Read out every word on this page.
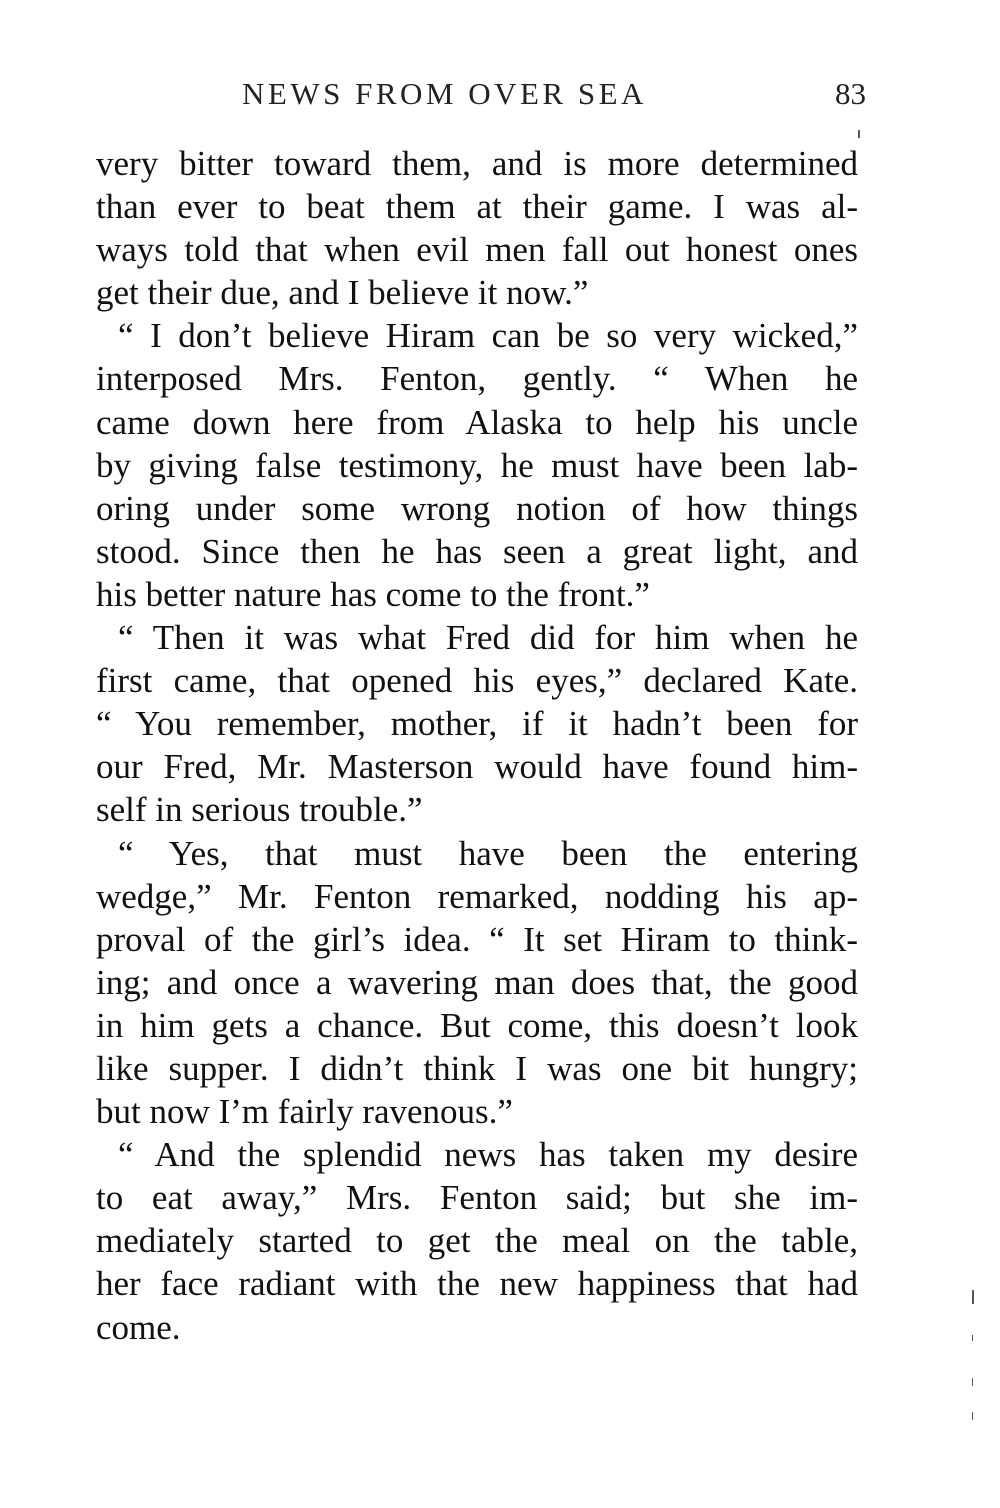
NEWS FROM OVER SEA	83
very bitter toward them, and is more determined
than ever to beat them at their game. I was al-
ways told that when evil men fall out honest ones
get their due, and I believe it now.”
“ I don’t believe Hiram can be so very wicked,”
interposed Mrs. Fenton, gently. “ When he
came down here from Alaska to help his uncle
by giving false testimony, he must have been lab-
oring under some wrong notion of how things
stood. Since then he has seen a great light, and
his better nature has come to the front.”
“ Then it was what Fred did for him when he
first came, that opened his eyes,” declared Kate.
“ You remember, mother, if it hadn’t been for
our Fred, Mr. Masterson would have found him-
self in serious trouble.”
“ Yes, that must have been the entering
wedge,” Mr. Fenton remarked, nodding his ap-
proval of the girl’s idea. “ It set Hiram to think-
ing; and once a wavering man does that, the good
in him gets a chance. But come, this doesn’t look
like supper. I didn’t think I was one bit hungry;
but now I’m fairly ravenous.”
“ And the splendid news has taken my desire
to eat away,” Mrs. Fenton said; but she im-
mediately started to get the meal on the table,
her face radiant with the new happiness that had
come.
